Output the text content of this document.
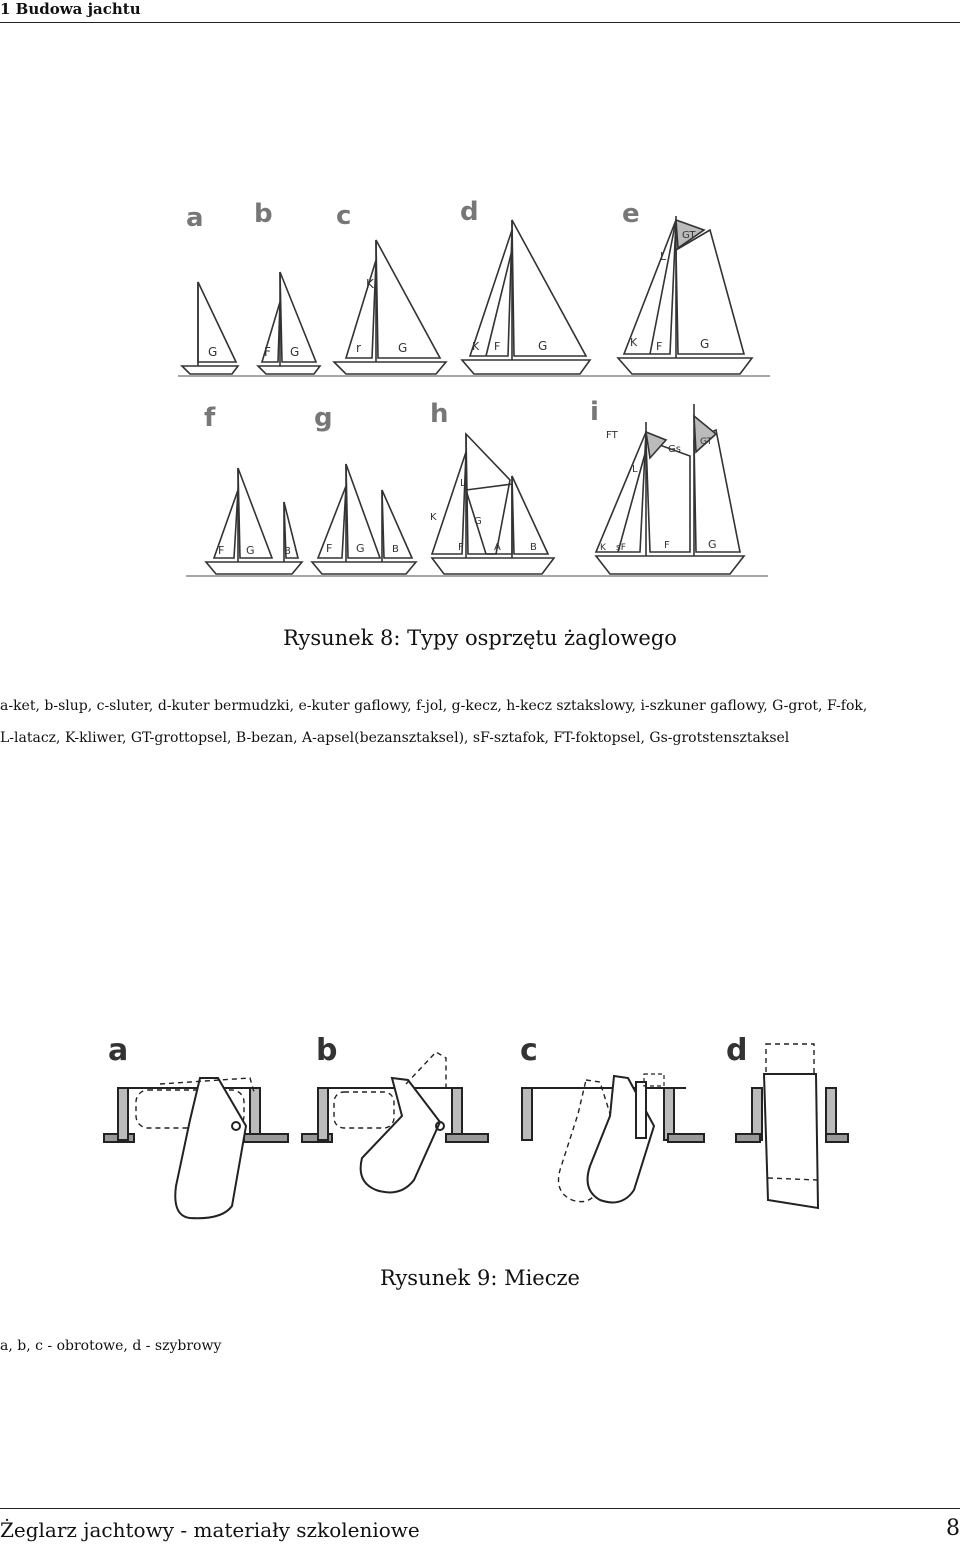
1 Budowa jachtu
G	F G
K
r	G	K F	G
GT
L
K F	G
F G	B	F G	B
L
K	G
F	A	B
FT
Gs
GT
L
K sF	F	G
a b c	d	e
f	g	h	i
Rysunek 8: Typy osprzętu żaglowego
a-ket, b-slup, c-sluter, d-kuter bermudzki, e-kuter gaflowy, f-jol, g-kecz, h-kecz sztakslowy, i-szkuner gaflowy, G-grot, F-fok,
L-latacz, K-kliwer, GT-grottopsel, B-bezan, A-apsel(bezansztaksel), sF-sztafok, FT-foktopsel, Gs-grotstensztaksel
a	b	c	d
Rysunek 9: Miecze
a, b, c - obrotowe, d - szybrowy
Żeglarz jachtowy - materiały szkoleniowe	8
